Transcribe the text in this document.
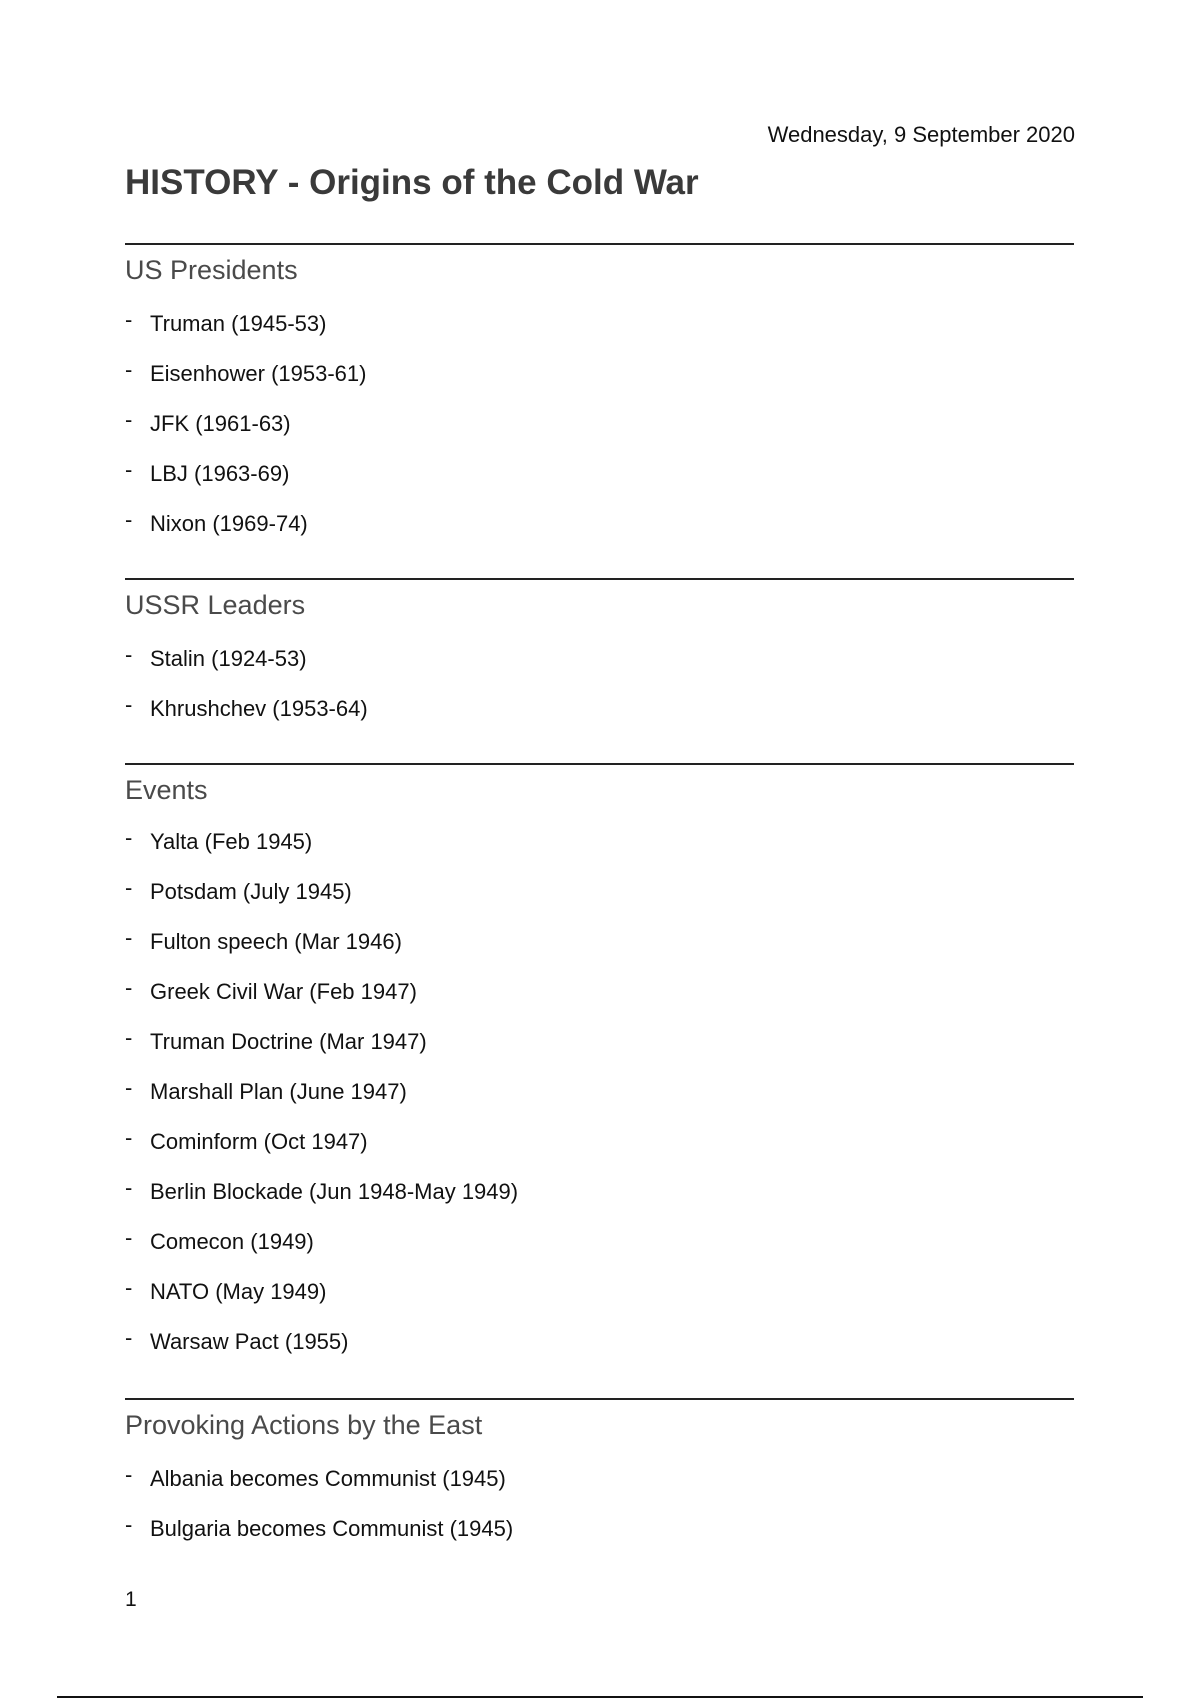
Wednesday, 9 September 2020
HISTORY - Origins of the Cold War
US Presidents
- Truman (1945-53)
- Eisenhower (1953-61)
- JFK (1961-63)
- LBJ (1963-69)
- Nixon (1969-74)
USSR Leaders
- Stalin (1924-53)
- Khrushchev (1953-64)
Events
- Yalta (Feb 1945)
- Potsdam (July 1945)
- Fulton speech (Mar 1946)
- Greek Civil War (Feb 1947)
- Truman Doctrine (Mar 1947)
- Marshall Plan (June 1947)
- Cominform (Oct 1947)
- Berlin Blockade (Jun 1948-May 1949)
- Comecon (1949)
- NATO (May 1949)
- Warsaw Pact (1955)
Provoking Actions by the East
- Albania becomes Communist (1945)
- Bulgaria becomes Communist (1945)
1
